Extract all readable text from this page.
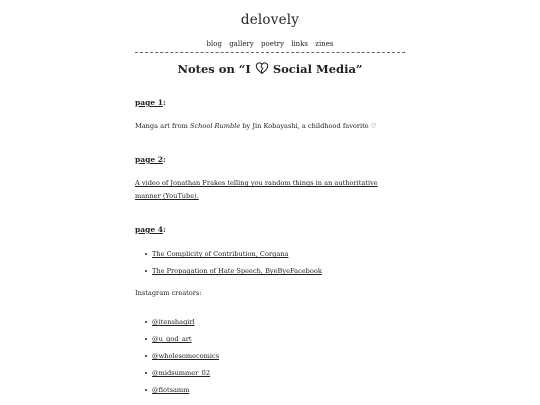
delovely
blog gallery poetry links zines
Notes on “I  Social Media”
page 1:
Manga art from School Rumble by Jin Kobayashi, a childhood favorite ♡
page 2:
A video of Jonathan Frakes telling you random things in an authoritative manner (YouTube).
page 4:
The Complicity of Contribution, Corgana
The Propagation of Hate Speech, ByeByeFacebook
Instagram creators:
@itenshagirl
@u_god_art
@wholesomecomics
@midsummer_02
@flotsamm
